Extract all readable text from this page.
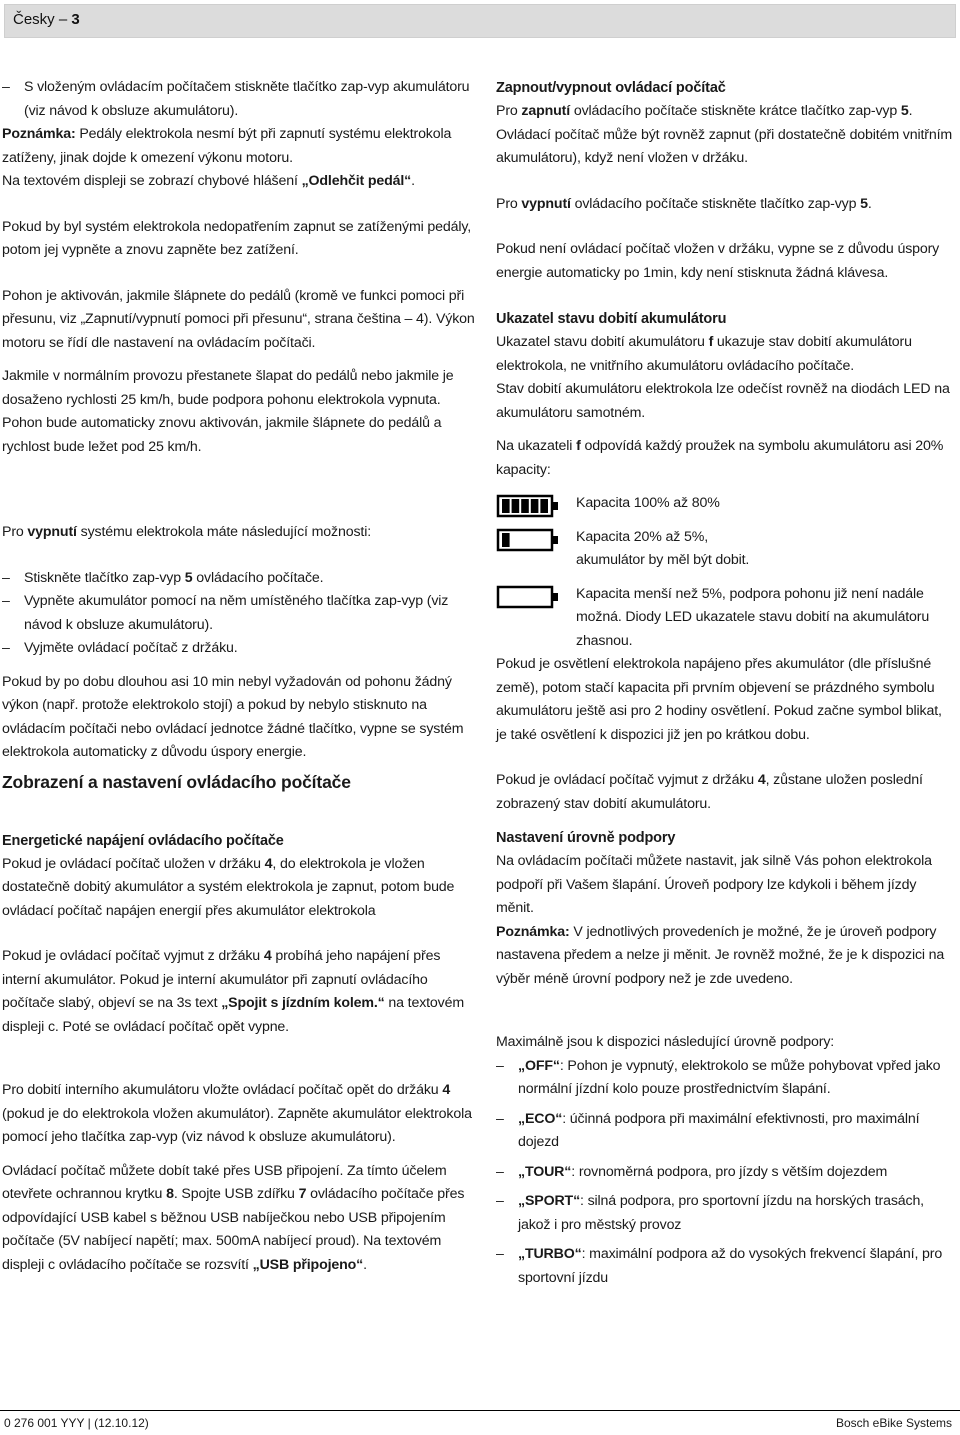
Česky – 3
– S vloženým ovládacím počítačem stiskněte tlačítko zap-vyp akumulátoru (viz návod k obsluze akumulátoru).

Poznámka: Pedály elektrokola nesmí být při zapnutí systému elektrokola zatíženy, jinak dojde k omezení výkonu motoru.

Na textovém displeji se zobrazí chybové hlášení „Odlehčit pedál“.

Pokud by byl systém elektrokola nedopatřením zapnut se zatíženými pedály, potom jej vypněte a znovu zapněte bez zatížení.

Pohon je aktivován, jakmile šlápnete do pedálů (kromě ve funkci pomoci při přesunu, viz „Zapnutí/vypnutí pomoci při přesunu“, strana čeština – 4). Výkon motoru se řídí dle nastavení na ovládacím počítači.

Jakmile v normálním provozu přestanete šlapat do pedálů nebo jakmile je dosaženo rychlosti 25 km/h, bude podpora pohonu elektrokola vypnuta. Pohon bude automaticky znovu aktivován, jakmile šlápnete do pedálů a rychlost bude ležet pod 25 km/h.

Pro vypnutí systému elektrokola máte následující možnosti:

– Stiskněte tlačítko zap-vyp 5 ovládacího počítače.
– Vypněte akumulátor pomocí na něm umístěného tlačítka zap-vyp (viz návod k obsluze akumulátoru).
– Vyjměte ovládací počítač z držáku.

Pokud by po dobu dlouhou asi 10 min nebyl vyžadován od pohonu žádný výkon (např. protože elektrokolo stojí) a pokud by nebylo stisknuto na ovládacím počítači nebo ovládací jednotce žádné tlačítko, vypne se systém elektrokola automaticky z důvodu úspory energie.

Zobrazení a nastavení ovládacího počítače

Energetické napájení ovládacího počítače

Pokud je ovládací počítač uložen v držáku 4, do elektrokola je vložen dostatečně dobitý akumulátor a systém elektrokola je zapnut, potom bude ovládací počítač napájen energií přes akumulátor elektrokola

Pokud je ovládací počítač vyjmut z držáku 4 probíhá jeho napájení přes interní akumulátor. Pokud je interní akumulátor při zapnutí ovládacího počítače slabý, objeví se na 3s text „Spojit s jízdním kolem.“ na textovém displeji c. Poté se ovládací počítač opět vypne.

Pro dobití interního akumulátoru vložte ovládací počítač opět do držáku 4 (pokud je do elektrokola vložen akumulátor). Zapněte akumulátor elektrokola pomocí jeho tlačítka zap-vyp (viz návod k obsluze akumulátoru).

Ovládací počítač můžete dobít také přes USB připojení. Za tímto účelem otevřete ochrannou krytku 8. Spojte USB zdířku 7 ovládacího počítače přes odpovídající USB kabel s běžnou USB nabíječkou nebo USB připojením počítače (5V nabíjecí napětí; max. 500mA nabíjecí proud). Na textovém displeji c ovládacího počítače se rozsvítí „USB připojeno“.

Zapnout/vypnout ovládací počítač

Pro zapnutí ovládacího počítače stiskněte krátce tlačítko zap-vyp 5. Ovládací počítač může být rovněž zapnut (při dostatečně dobitém vnitřním akumulátoru), když není vložen v držáku.

Pro vypnutí ovládacího počítače stiskněte tlačítko zap-vyp 5.

Pokud není ovládací počítač vložen v držáku, vypne se z důvodu úspory energie automaticky po 1min, kdy není stisknuta žádná klávesa.

Ukazatel stavu dobití akumulátoru

Ukazatel stavu dobití akumulátoru f ukazuje stav dobití akumulátoru elektrokola, ne vnitřního akumulátoru ovládacího počítače.

Stav dobití akumulátoru elektrokola lze odečíst rovněž na diodách LED na akumulátoru samotném.

Na ukazateli f odpovídá každý proužek na symbolu akumulátoru asi 20% kapacity:

Kapacita 100% až 80%

Kapacita 20% až 5%, akumulátor by měl být dobit.

Kapacita menší než 5%, podpora pohonu již není nadále možná. Diody LED ukazatele stavu dobití na akumulátoru zhasnou.

Pokud je osvětlení elektrokola napájeno přes akumulátor (dle příslušné země), potom stačí kapacita při prvním objevení se prázdného symbolu akumulátoru ještě asi pro 2 hodiny osvětlení. Pokud začne symbol blikat, je také osvětlení k dispozici již jen po krátkou dobu.

Pokud je ovládací počítač vyjmut z držáku 4, zůstane uložen poslední zobrazený stav dobití akumulátoru.

Nastavení úrovně podpory

Na ovládacím počítači můžete nastavit, jak silně Vás pohon elektrokola podpoří při Vašem šlapání. Úroveň podpory lze kdykoli i během jízdy měnit.

Poznámka: V jednotlivých provedeních je možné, že je úroveň podpory nastavena předem a nelze ji měnit. Je rovněž možné, že je k dispozici na výběr méně úrovní podpory než je zde uvedeno.

Maximálně jsou k dispozici následující úrovně podpory:

– „OFF“: Pohon je vypnutý, elektrokolo se může pohybovat vpřed jako normální jízdní kolo pouze prostřednictvím šlapání.
– „ECO“: účinná podpora při maximální efektivnosti, pro maximální dojezd
– „TOUR“: rovnoměrná podpora, pro jízdy s větším dojezdem
– „SPORT“: silná podpora, pro sportovní jízdu na horských trasách, jakož i pro městský provoz
– „TURBO“: maximální podpora až do vysokých frekvencí šlapání, pro sportovní jízdu
0 276 001 YYY | (12.10.12)	Bosch eBike Systems
